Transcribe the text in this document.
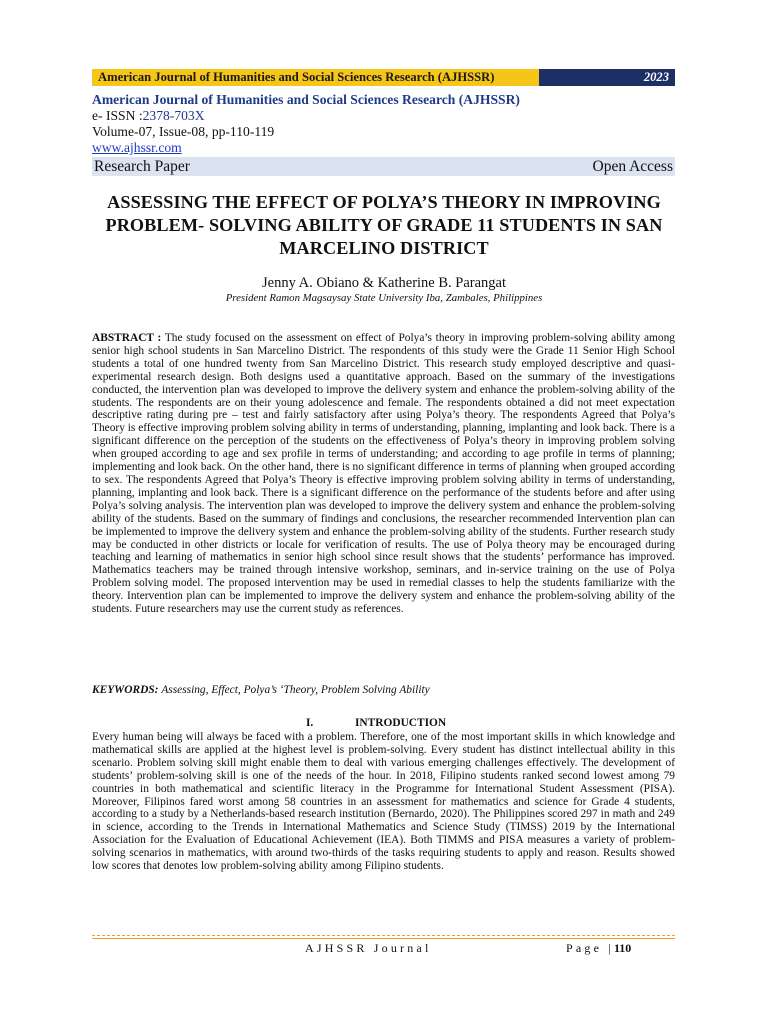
American Journal of Humanities and Social Sciences Research (AJHSSR)	2023
American Journal of Humanities and Social Sciences Research (AJHSSR)
e- ISSN :2378-703X
Volume-07, Issue-08, pp-110-119
www.ajhssr.com
Research Paper	Open Access
ASSESSING THE EFFECT OF POLYA’S THEORY IN IMPROVING PROBLEM- SOLVING ABILITY OF GRADE 11 STUDENTS IN SAN MARCELINO DISTRICT
Jenny A. Obiano & Katherine B. Parangat
President Ramon Magsaysay State University Iba, Zambales, Philippines
ABSTRACT : The study focused on the assessment on effect of Polya’s theory in improving problem-solving ability among senior high school students in San Marcelino District. The respondents of this study were the Grade 11 Senior High School students a total of one hundred twenty from San Marcelino District. This research study employed descriptive and quasi- experimental research design. Both designs used a quantitative approach. Based on the summary of the investigations conducted, the intervention plan was developed to improve the delivery system and enhance the problem-solving ability of the students. The respondents are on their young adolescence and female. The respondents obtained a did not meet expectation descriptive rating during pre – test and fairly satisfactory after using Polya’s theory. The respondents Agreed that Polya’s Theory is effective improving problem solving ability in terms of understanding, planning, implanting and look back. There is a significant difference on the perception of the students on the effectiveness of Polya’s theory in improving problem solving when grouped according to age and sex profile in terms of understanding; and according to age profile in terms of planning; implementing and look back. On the other hand, there is no significant difference in terms of planning when grouped according to sex. The respondents Agreed that Polya’s Theory is effective improving problem solving ability in terms of understanding, planning, implanting and look back. There is a significant difference on the performance of the students before and after using Polya’s solving analysis. The intervention plan was developed to improve the delivery system and enhance the problem-solving ability of the students. Based on the summary of findings and conclusions, the researcher recommended Intervention plan can be implemented to improve the delivery system and enhance the problem-solving ability of the students. Further research study may be conducted in other districts or locale for verification of results. The use of Polya theory may be encouraged during teaching and learning of mathematics in senior high school since result shows that the students’ performance has improved. Mathematics teachers may be trained through intensive workshop, seminars, and in-service training on the use of Polya Problem solving model. The proposed intervention may be used in remedial classes to help the students familiarize with the theory. Intervention plan can be implemented to improve the delivery system and enhance the problem-solving ability of the students. Future researchers may use the current study as references.
KEYWORDS: Assessing, Effect, Polya’s ‘Theory, Problem Solving Ability
I.	INTRODUCTION
Every human being will always be faced with a problem. Therefore, one of the most important skills in which knowledge and mathematical skills are applied at the highest level is problem-solving. Every student has distinct intellectual ability in this scenario. Problem solving skill might enable them to deal with various emerging challenges effectively. The development of students’ problem-solving skill is one of the needs of the hour. In 2018, Filipino students ranked second lowest among 79 countries in both mathematical and scientific literacy in the Programme for International Student Assessment (PISA). Moreover, Filipinos fared worst among 58 countries in an assessment for mathematics and science for Grade 4 students, according to a study by a Netherlands-based research institution (Bernardo, 2020). The Philippines scored 297 in math and 249 in science, according to the Trends in International Mathematics and Science Study (TIMSS) 2019 by the International Association for the Evaluation of Educational Achievement (IEA). Both TIMMS and PISA measures a variety of problem-solving scenarios in mathematics, with around two-thirds of the tasks requiring students to apply and reason. Results showed low scores that denotes low problem-solving ability among Filipino students.
AJHSSR Journal	Page |110
